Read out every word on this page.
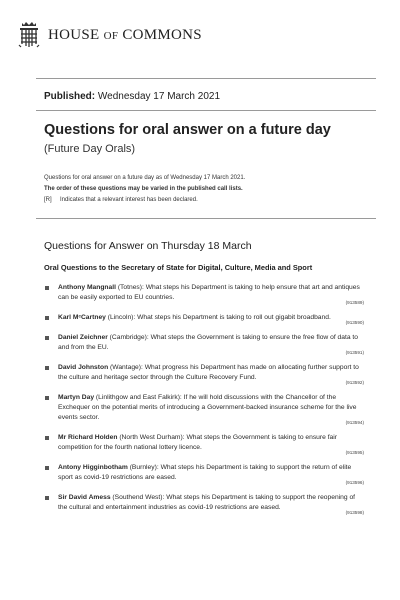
HOUSE OF COMMONS
Published: Wednesday 17 March 2021
Questions for oral answer on a future day
(Future Day Orals)
Questions for oral answer on a future day as of Wednesday 17 March 2021.
The order of these questions may be varied in the published call lists.
[R] Indicates that a relevant interest has been declared.
Questions for Answer on Thursday 18 March
Oral Questions to the Secretary of State for Digital, Culture, Media and Sport
Anthony Mangnall (Totnes): What steps his Department is taking to help ensure that art and antiques can be easily exported to EU countries.
(913589)
Karl MᶜCartney (Lincoln): What steps his Department is taking to roll out gigabit broadband.
(913590)
Daniel Zeichner (Cambridge): What steps the Government is taking to ensure the free flow of data to and from the EU.
(913591)
David Johnston (Wantage): What progress his Department has made on allocating further support to the culture and heritage sector through the Culture Recovery Fund.
(913592)
Martyn Day (Linlithgow and East Falkirk): If he will hold discussions with the Chancellor of the Exchequer on the potential merits of introducing a Government-backed insurance scheme for the live events sector.
(913594)
Mr Richard Holden (North West Durham): What steps the Government is taking to ensure fair competition for the fourth national lottery licence.
(913595)
Antony Higginbotham (Burnley): What steps his Department is taking to support the return of elite sport as covid-19 restrictions are eased.
(913596)
Sir David Amess (Southend West): What steps his Department is taking to support the reopening of the cultural and entertainment industries as covid-19 restrictions are eased.
(913598)
